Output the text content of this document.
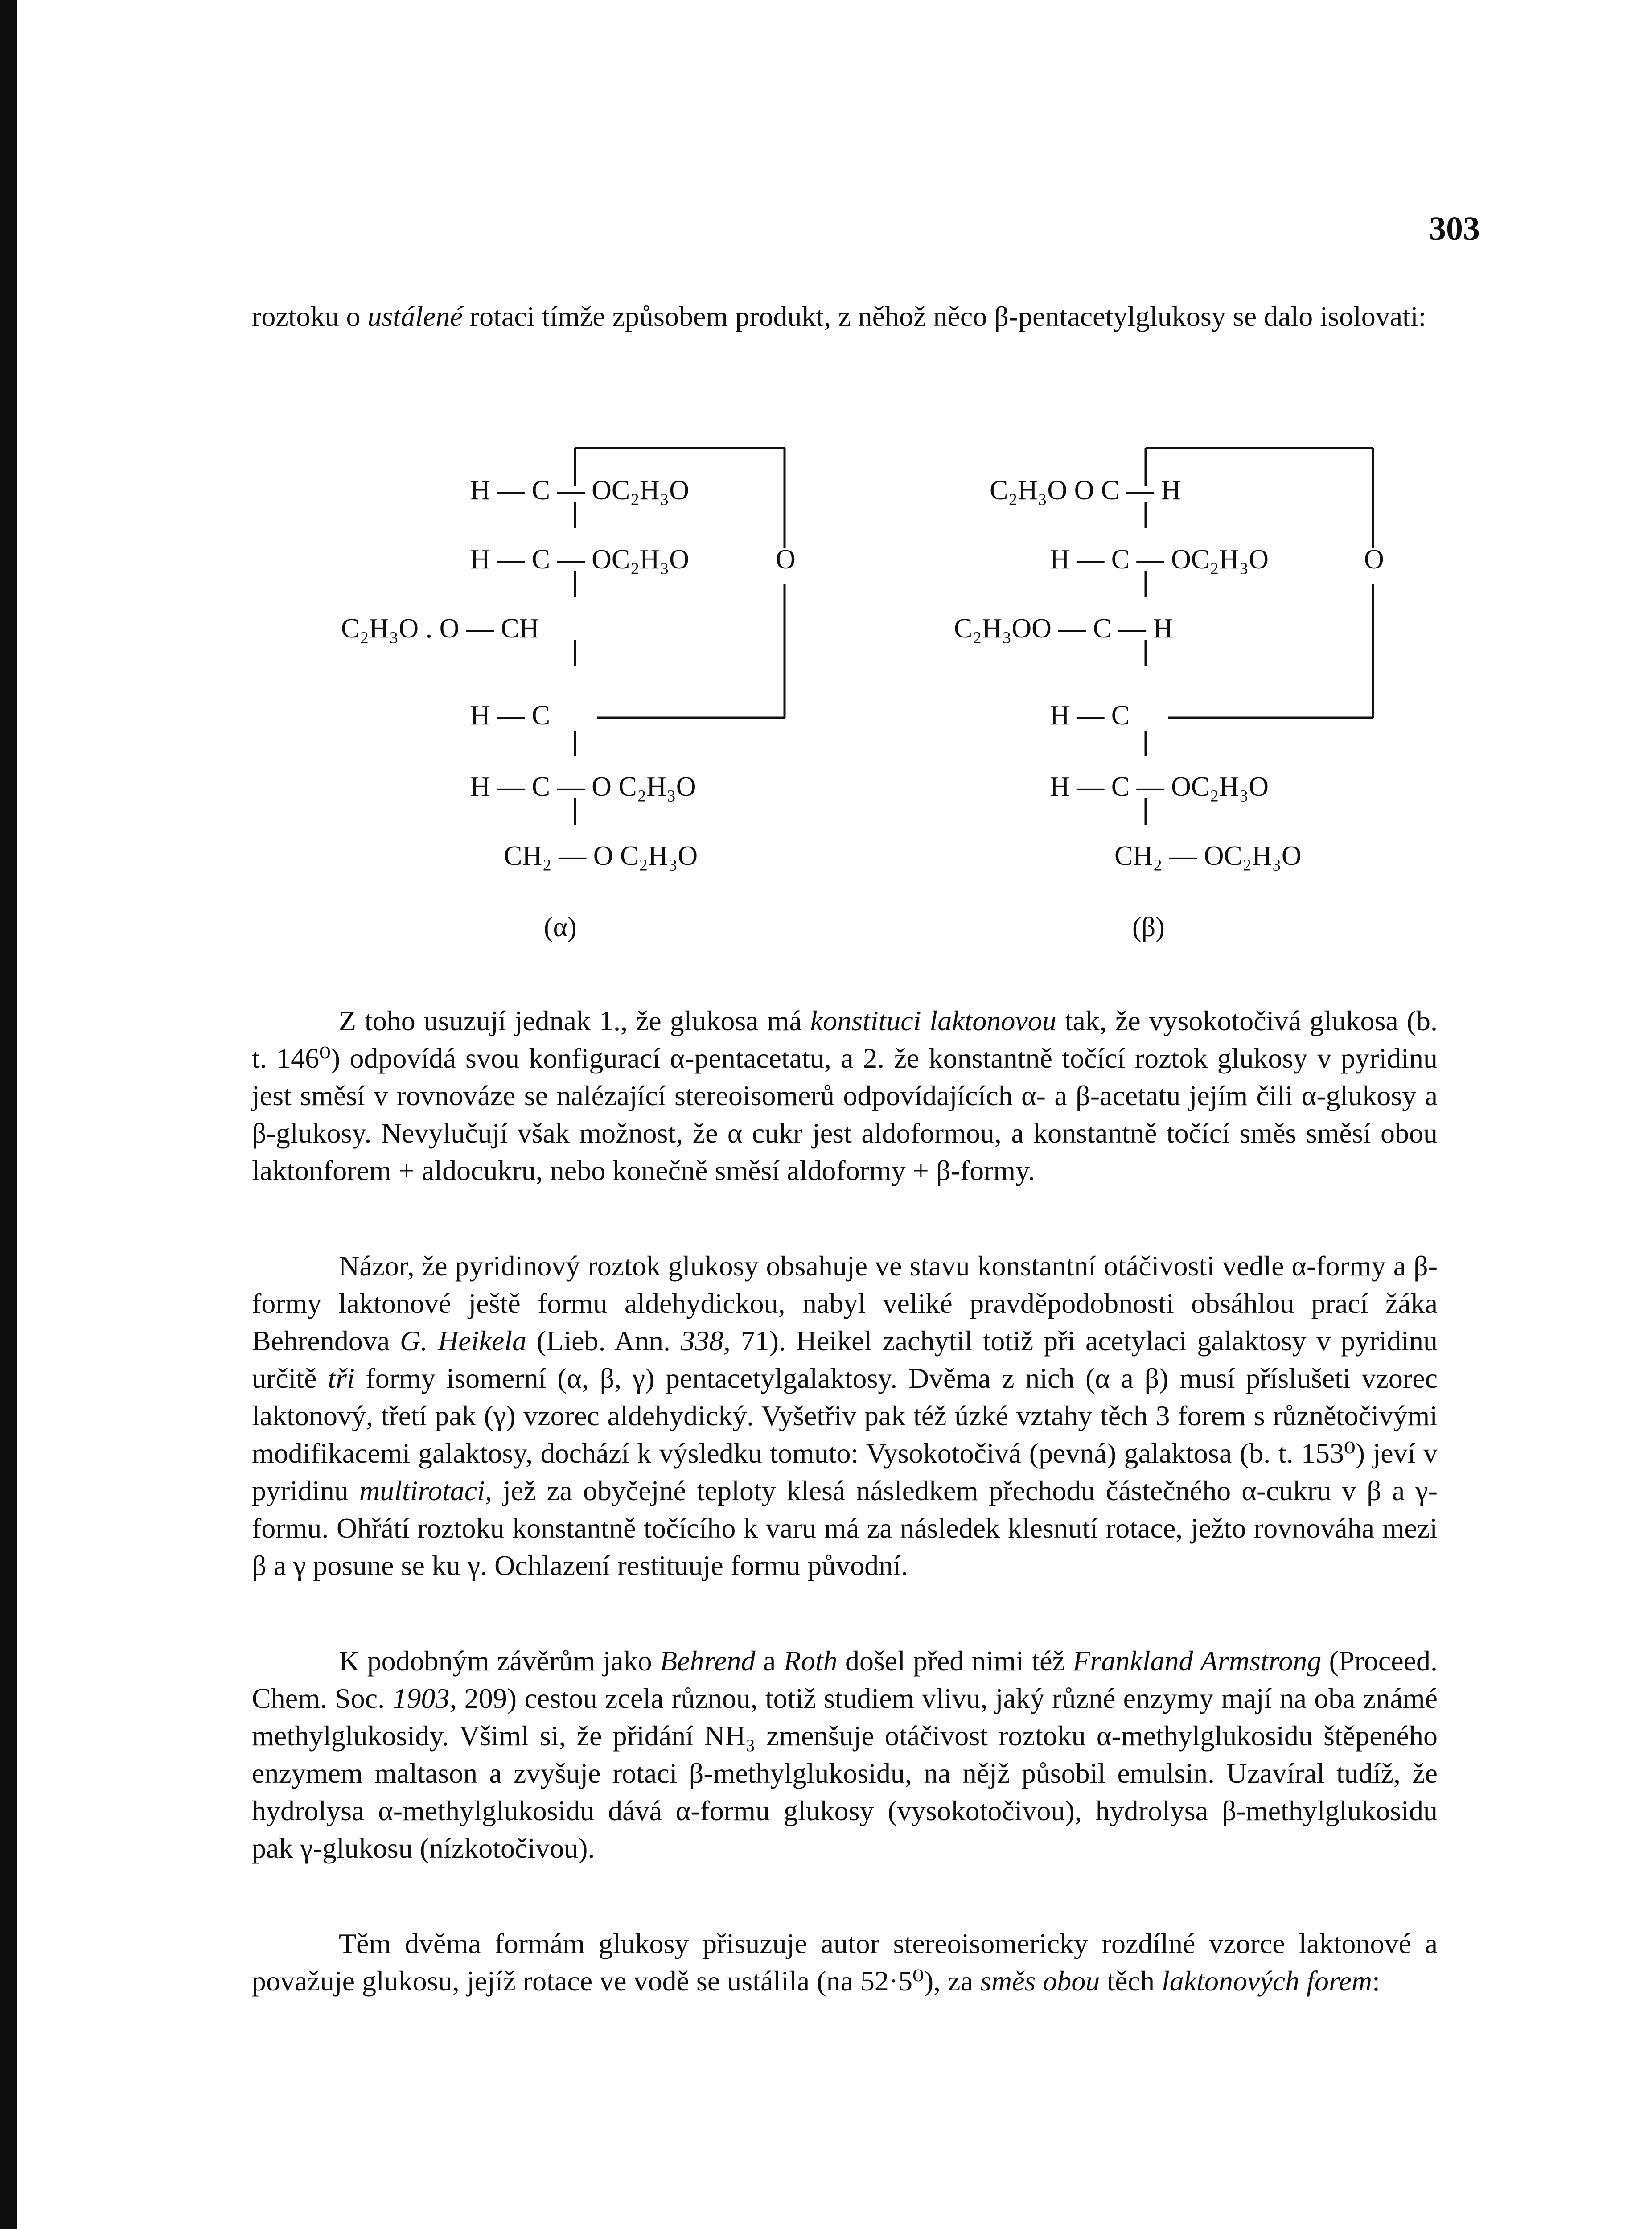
303

roztoku o ustálené rotaci tímže způsobem produkt, z něhož něco β-pentacetylglukosy se dalo isolovati:

H — C — OC₂H₃O
H — C — OC₂H₃O	O
C₂H₃O . O — CH
H — C
H — C — O C₂H₃O
CH₂ — O C₂H₃O
(α)
C₂H₃O O C — H
H — C — OC₂H₃O	O
C₂H₃OO — C — H
H — C
H — C — OC₂H₃O
CH₂ — OC₂H₃O
(β)

Z toho usuzují jednak 1., že glukosa má konstituci laktonovou tak, že vysokotočivá glukosa (b. t. 146⁰) odpovídá svou konfigurací α-pentacetatu, a 2. že konstantně točící roztok glukosy v pyridinu jest směsí v rovnováze se nalézající stereoisomerů odpovídajících α- a β-acetatu jejím čili α-glukosy a β-glukosy. Nevylučují však možnost, že α cukr jest aldoformou, a konstantně točící směs směsí obou laktonforem + aldocukru, nebo konečně směsí aldoformy + β-formy.

Názor, že pyridinový roztok glukosy obsahuje ve stavu konstantní otáčivosti vedle α-formy a β-formy laktonové ještě formu aldehydickou, nabyl veliké pravděpodobnosti obsáhlou prací žáka Behrendova G. Heikela (Lieb. Ann. 338, 71). Heikel zachytil totiž při acetylaci galaktosy v pyridinu určitě tři formy isomerní (α, β, γ) pentacetylgalaktosy. Dvěma z nich (α a β) musí příslušeti vzorec laktonový, třetí pak (γ) vzorec aldehydický. Vyšetřiv pak též úzké vztahy těch 3 forem s různětočivými modifikacemi galaktosy, dochází k výsledku tomuto: Vysokotočivá (pevná) galaktosa (b. t. 153⁰) jeví v pyridinu multirotaci, jež za obyčejné teploty klesá následkem přechodu částečného α-cukru v β a γ-formu. Ohřátí roztoku konstantně točícího k varu má za následek klesnutí rotace, ježto rovnováha mezi β a γ posune se ku γ. Ochlazení restituuje formu původní.

K podobným závěrům jako Behrend a Roth došel před nimi též Frankland Armstrong (Proceed. Chem. Soc. 1903, 209) cestou zcela různou, totiž studiem vlivu, jaký různé enzymy mají na oba známé methylglukosidy. Všiml si, že přidání NH₃ zmenšuje otáčivost roztoku α-methylglukosidu štěpeného enzymem maltason a zvyšuje rotaci β-methylglukosidu, na nějž působil emulsin. Uzavíral tudíž, že hydrolysa α-methylglukosidu dává α-formu glukosy (vysokotočivou), hydrolysa β-methylglukosidu pak γ-glukosu (nízkotočivou).

Těm dvěma formám glukosy přisuzuje autor stereoisomericky rozdílné vzorce laktonové a považuje glukosu, jejíž rotace ve vodě se ustálila (na 52·5⁰), za směs obou těch laktonových forem:
